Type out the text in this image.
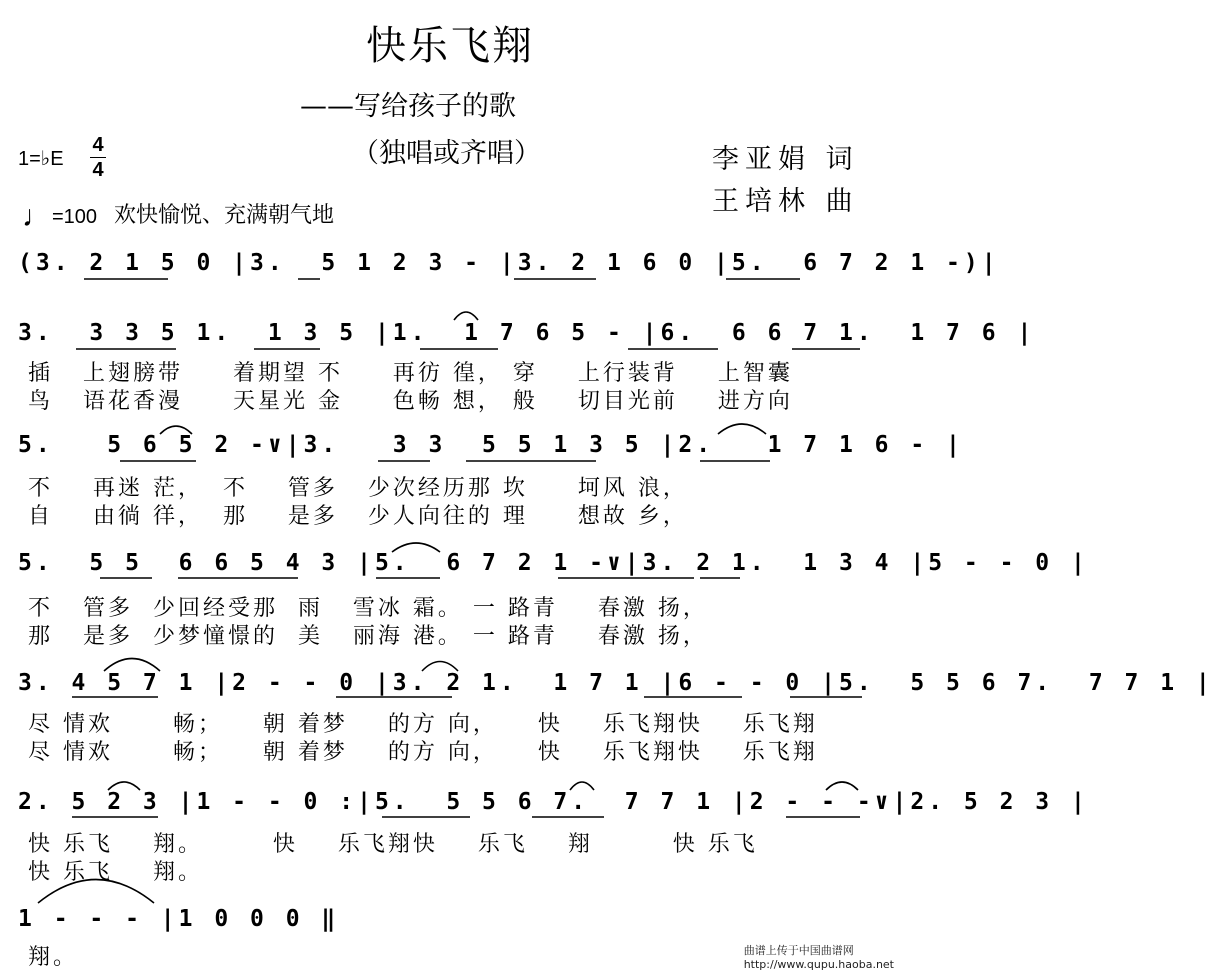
快乐飞翔
——写给孩子的歌
（独唱或齐唱）	李亚娟 词
王培林 曲
1=♭E
4
4
♩=100 欢快愉悦、充满朝气地
(3. 2 1 5 0 |3.  5 1 2 3 - |3. 2 1 6 0 |5.  6 7 2 1 -)|
3.  3 3 5 1.  1 3 5 |1.  1 7 6 5 - |6.  6 6 7 1.  1 7 6 |
插   上翅膀带     着期望 不     再彷 徨， 穿    上行装背    上智囊
鸟   语花香漫     天星光 金     色畅 想， 般    切目光前    进方向
5.   5 6 5 2 -∨|3.   3 3  5 5 1 3 5 |2.   1 7 1 6 - |
不    再迷 茫，  不    管多   少次经历那 坎     坷风 浪，
自    由徜 徉，  那    是多   少人向往的 理     想故 乡，
5.  5 5  6 6 5 4 3 |5.  6 7 2 1 -∨|3. 2 1.  1 3 4 |5 - - 0 |
不   管多  少回经受那  雨   雪冰 霜。 一 路青    春激 扬，
那   是多  少梦憧憬的  美   丽海 港。 一 路青    春激 扬，
3. 4 5 7 1 |2 - - 0 |3. 2 1.  1 7 1 |6 - - 0 |5.  5 5 6 7.  7 7 1 |
尽 情欢      畅；    朝 着梦    的方 向，    快    乐飞翔快    乐飞翔
尽 情欢      畅；    朝 着梦    的方 向，    快    乐飞翔快    乐飞翔
2. 5 2 3 |1 - - 0 :|5.  5 5 6 7.  7 7 1 |2 - - -∨|2. 5 2 3 |
快 乐飞    翔。       快    乐飞翔快    乐飞    翔        快 乐飞
快 乐飞    翔。
1 - - - |1 0 0 0 ‖
翔。	曲谱上传于中国曲谱网
http://www.qupu.haoba.net
